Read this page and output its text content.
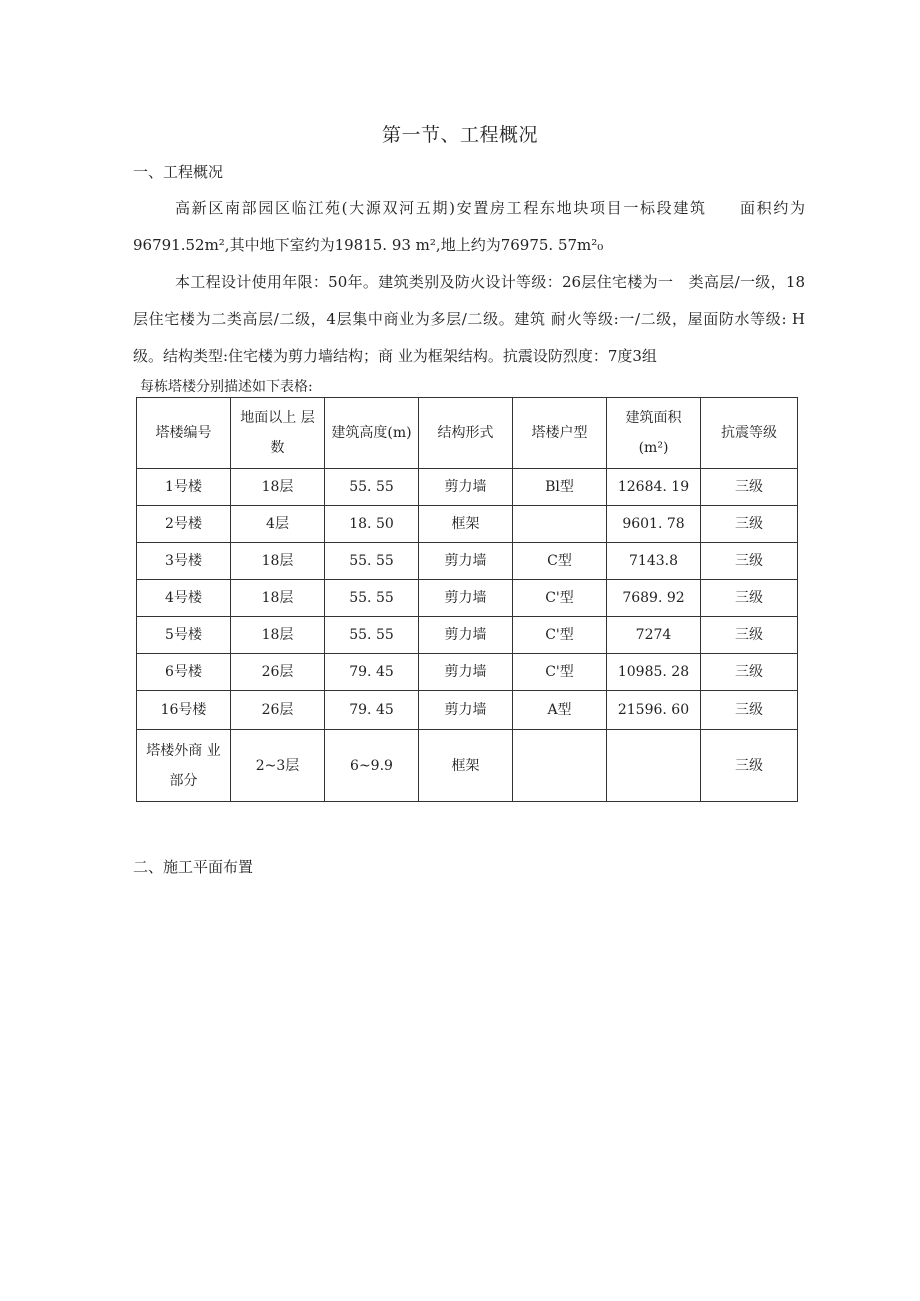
第一节、工程概况
一、工程概况
高新区南部园区临江苑(大源双河五期)安置房工程东地块项目一标段建筑　　面积约为96791.52m²,其中地下室约为19815. 93 m²,地上约为76975. 57m²₀
本工程设计使用年限：50年。建筑类别及防火设计等级：26层住宅楼为一　类高层/一级，18层住宅楼为二类高层/二级，4层集中商业为多层/二级。建筑 耐火等级:一/二级，屋面防水等级: H级。结构类型:住宅楼为剪力墙结构；商 业为框架结构。抗震设防烈度：7度3组
每栋塔楼分别描述如下表格:
塔楼编号	地面以上 层数	建筑高度(m)	结构形式	塔楼户型	建筑面积(m²)	抗震等级
1号楼	18层	55. 55	剪力墙	Bl型	12684. 19	三级
2号楼	4层	18. 50	框架		9601. 78	三级
3号楼	18层	55. 55	剪力墙	C型	7143.8	三级
4号楼	18层	55. 55	剪力墙	C'型	7689. 92	三级
5号楼	18层	55. 55	剪力墙	C'型	7274	三级
6号楼	26层	79. 45	剪力墙	C'型	10985. 28	三级
16号楼	26层	79. 45	剪力墙	A型	21596. 60	三级
塔楼外商 业部分	2~3层	6~9.9	框架			三级
二、施工平面布置
